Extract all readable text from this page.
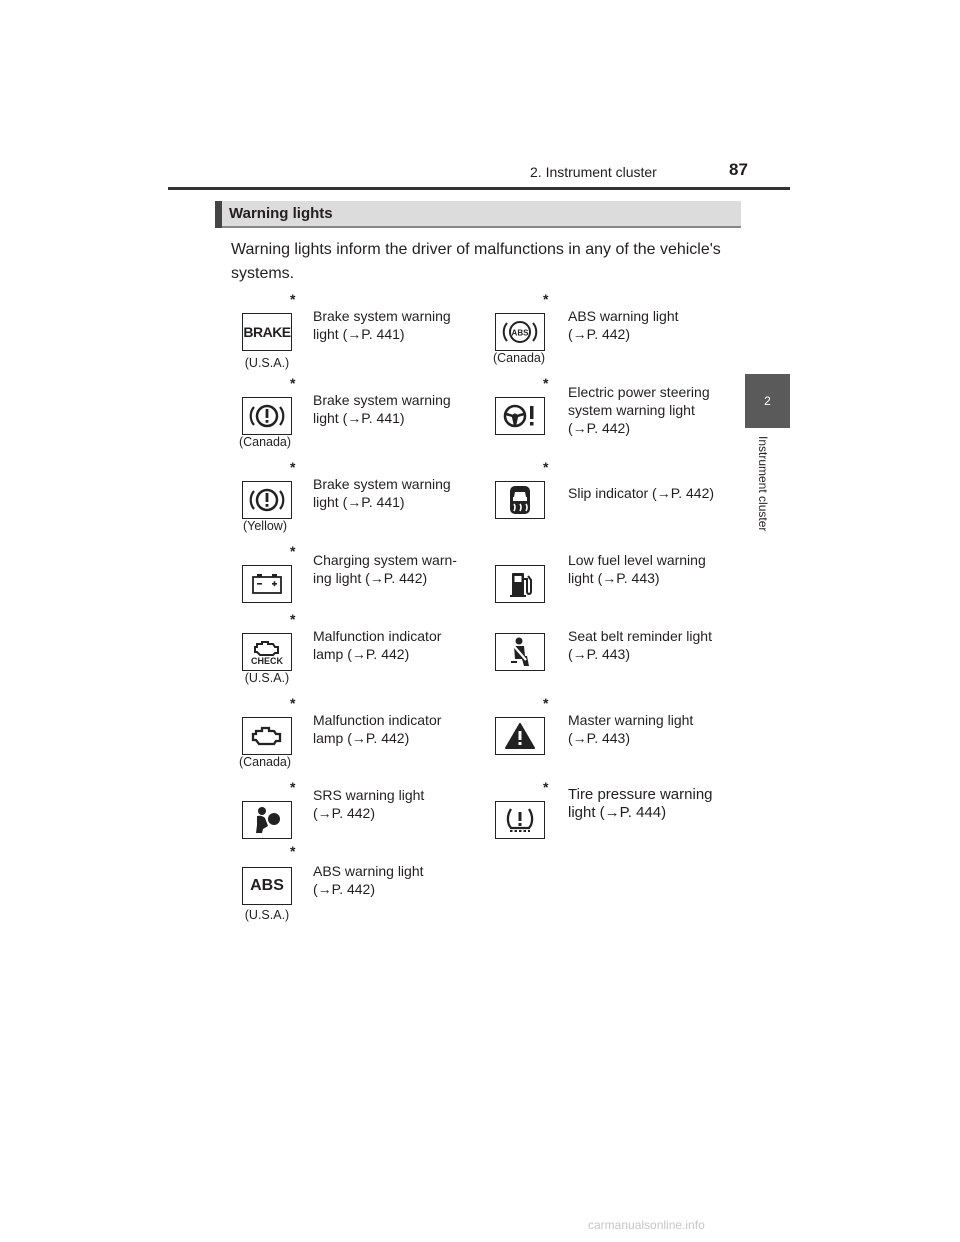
2. Instrument cluster	87
2
Instrument cluster
Warning lights
Warning lights inform the driver of malfunctions in any of the vehicle's systems.
*
BRAKE
(U.S.A.)
Brake system warning
light (→P. 441)
*
(Canada)
Brake system warning
light (→P. 441)
*
(Yellow)
Brake system warning
light (→P. 441)
*
Charging system warn-
ing light (→P. 442)
*
CHECK
(U.S.A.)
Malfunction indicator
lamp (→P. 442)
*
(Canada)
Malfunction indicator
lamp (→P. 442)
* SRS warning light
(→P. 442)
*
ABS
(U.S.A.)
ABS warning light
(→P. 442)
*
ABS
(Canada)
ABS warning light
(→P. 442)
*
Electric power steering
system warning light
(→P. 442)
*
Slip indicator (→P. 442)
Low fuel level warning
light (→P. 443)
Seat belt reminder light
(→P. 443)
*
Master warning light
(→P. 443)
* Tire pressure warning
light (→P. 444)
carmanualsonline.info
